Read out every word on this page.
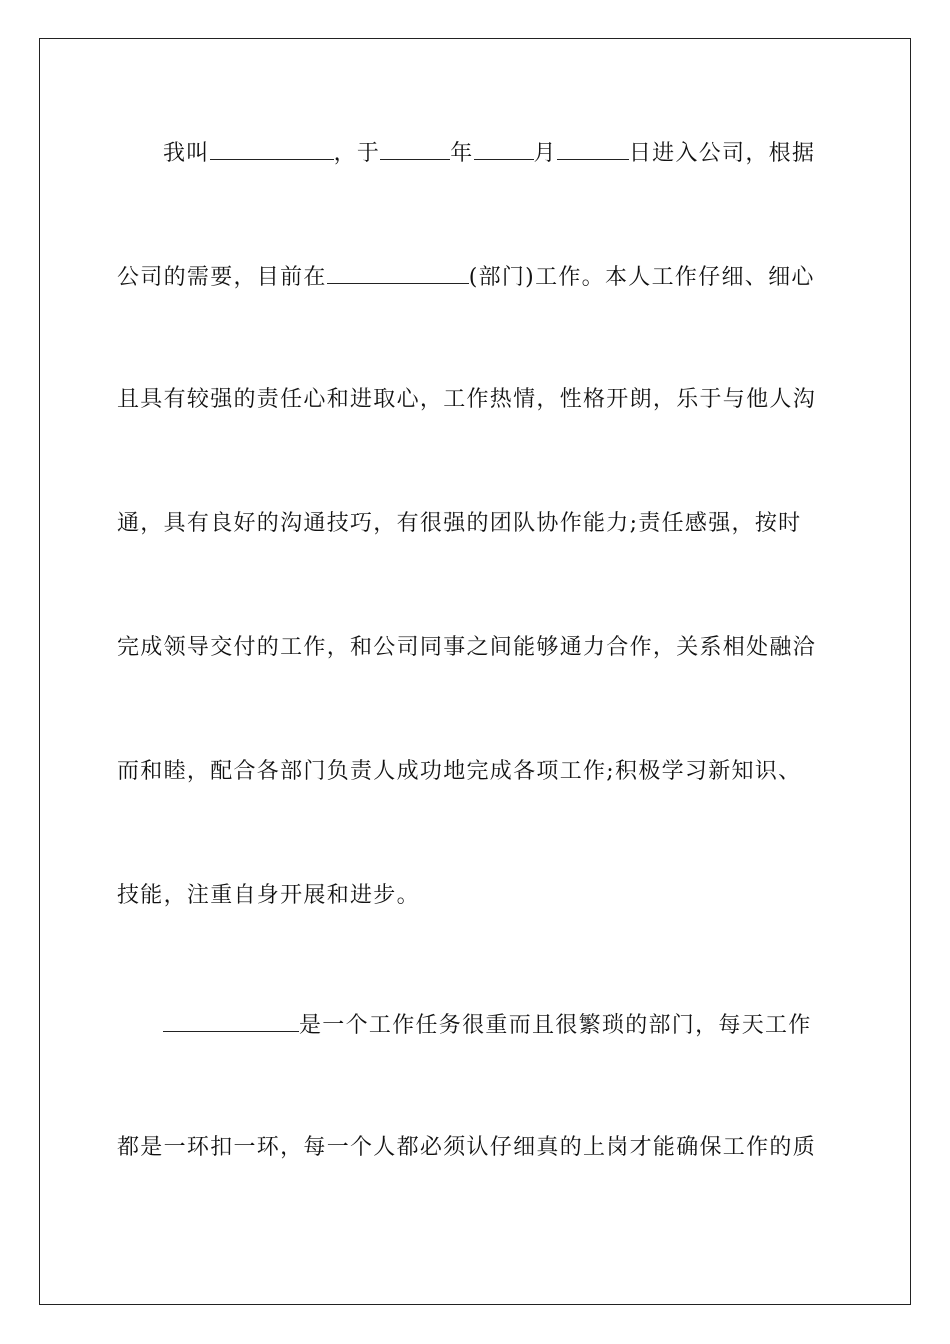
我叫	，于	年	月	日进入公司，根据
公司的需要，目前在	(部门)工作。本人工作仔细、细心
且具有较强的责任心和进取心，工作热情，性格开朗，乐于与他人沟
通，具有良好的沟通技巧，有很强的团队协作能力;责任感强，按时
完成领导交付的工作，和公司同事之间能够通力合作，关系相处融洽
而和睦，配合各部门负责人成功地完成各项工作;积极学习新知识、
技能，注重自身开展和进步。
是一个工作任务很重而且很繁琐的部门，每天工作
都是一环扣一环，每一个人都必须认仔细真的上岗才能确保工作的质
